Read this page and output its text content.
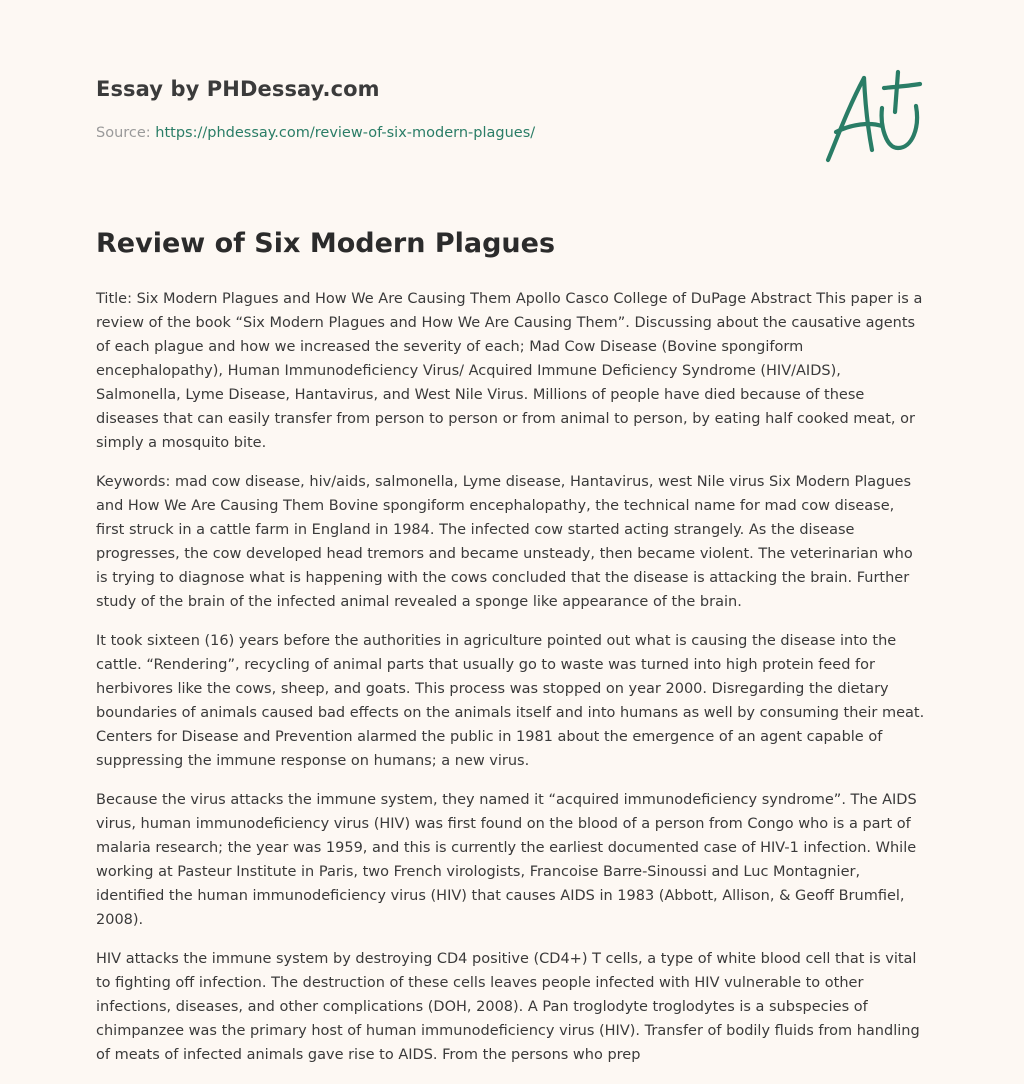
Essay by PHDessay.com
Source: https://phdessay.com/review-of-six-modern-plagues/
Review of Six Modern Plagues

Title: Six Modern Plagues and How We Are Causing Them Apollo Casco College of DuPage Abstract This paper is a review of the book “Six Modern Plagues and How We Are Causing Them”. Discussing about the causative agents of each plague and how we increased the severity of each; Mad Cow Disease (Bovine spongiform encephalopathy), Human Immunodeficiency Virus/ Acquired Immune Deficiency Syndrome (HIV/AIDS), Salmonella, Lyme Disease, Hantavirus, and West Nile Virus. Millions of people have died because of these diseases that can easily transfer from person to person or from animal to person, by eating half cooked meat, or simply a mosquito bite.

Keywords: mad cow disease, hiv/aids, salmonella, Lyme disease, Hantavirus, west Nile virus Six Modern Plagues and How We Are Causing Them Bovine spongiform encephalopathy, the technical name for mad cow disease, first struck in a cattle farm in England in 1984. The infected cow started acting strangely. As the disease progresses, the cow developed head tremors and became unsteady, then became violent. The veterinarian who is trying to diagnose what is happening with the cows concluded that the disease is attacking the brain. Further study of the brain of the infected animal revealed a sponge like appearance of the brain.

It took sixteen (16) years before the authorities in agriculture pointed out what is causing the disease into the cattle. “Rendering”, recycling of animal parts that usually go to waste was turned into high protein feed for herbivores like the cows, sheep, and goats. This process was stopped on year 2000. Disregarding the dietary boundaries of animals caused bad effects on the animals itself and into humans as well by consuming their meat. Centers for Disease and Prevention alarmed the public in 1981 about the emergence of an agent capable of suppressing the immune response on humans; a new virus.

Because the virus attacks the immune system, they named it “acquired immunodeficiency syndrome”. The AIDS virus, human immunodeficiency virus (HIV) was first found on the blood of a person from Congo who is a part of malaria research; the year was 1959, and this is currently the earliest documented case of HIV-1 infection. While working at Pasteur Institute in Paris, two French virologists, Francoise Barre-Sinoussi and Luc Montagnier, identified the human immunodeficiency virus (HIV) that causes AIDS in 1983 (Abbott, Allison, & Geoff Brumfiel, 2008).

HIV attacks the immune system by destroying CD4 positive (CD4+) T cells, a type of white blood cell that is vital to fighting off infection. The destruction of these cells leaves people infected with HIV vulnerable to other infections, diseases, and other complications (DOH, 2008). A Pan troglodyte troglodytes is a subspecies of chimpanzee was the primary host of human immunodeficiency virus (HIV). Transfer of bodily fluids from handling of meats of infected animals gave rise to AIDS. From the persons who prep
